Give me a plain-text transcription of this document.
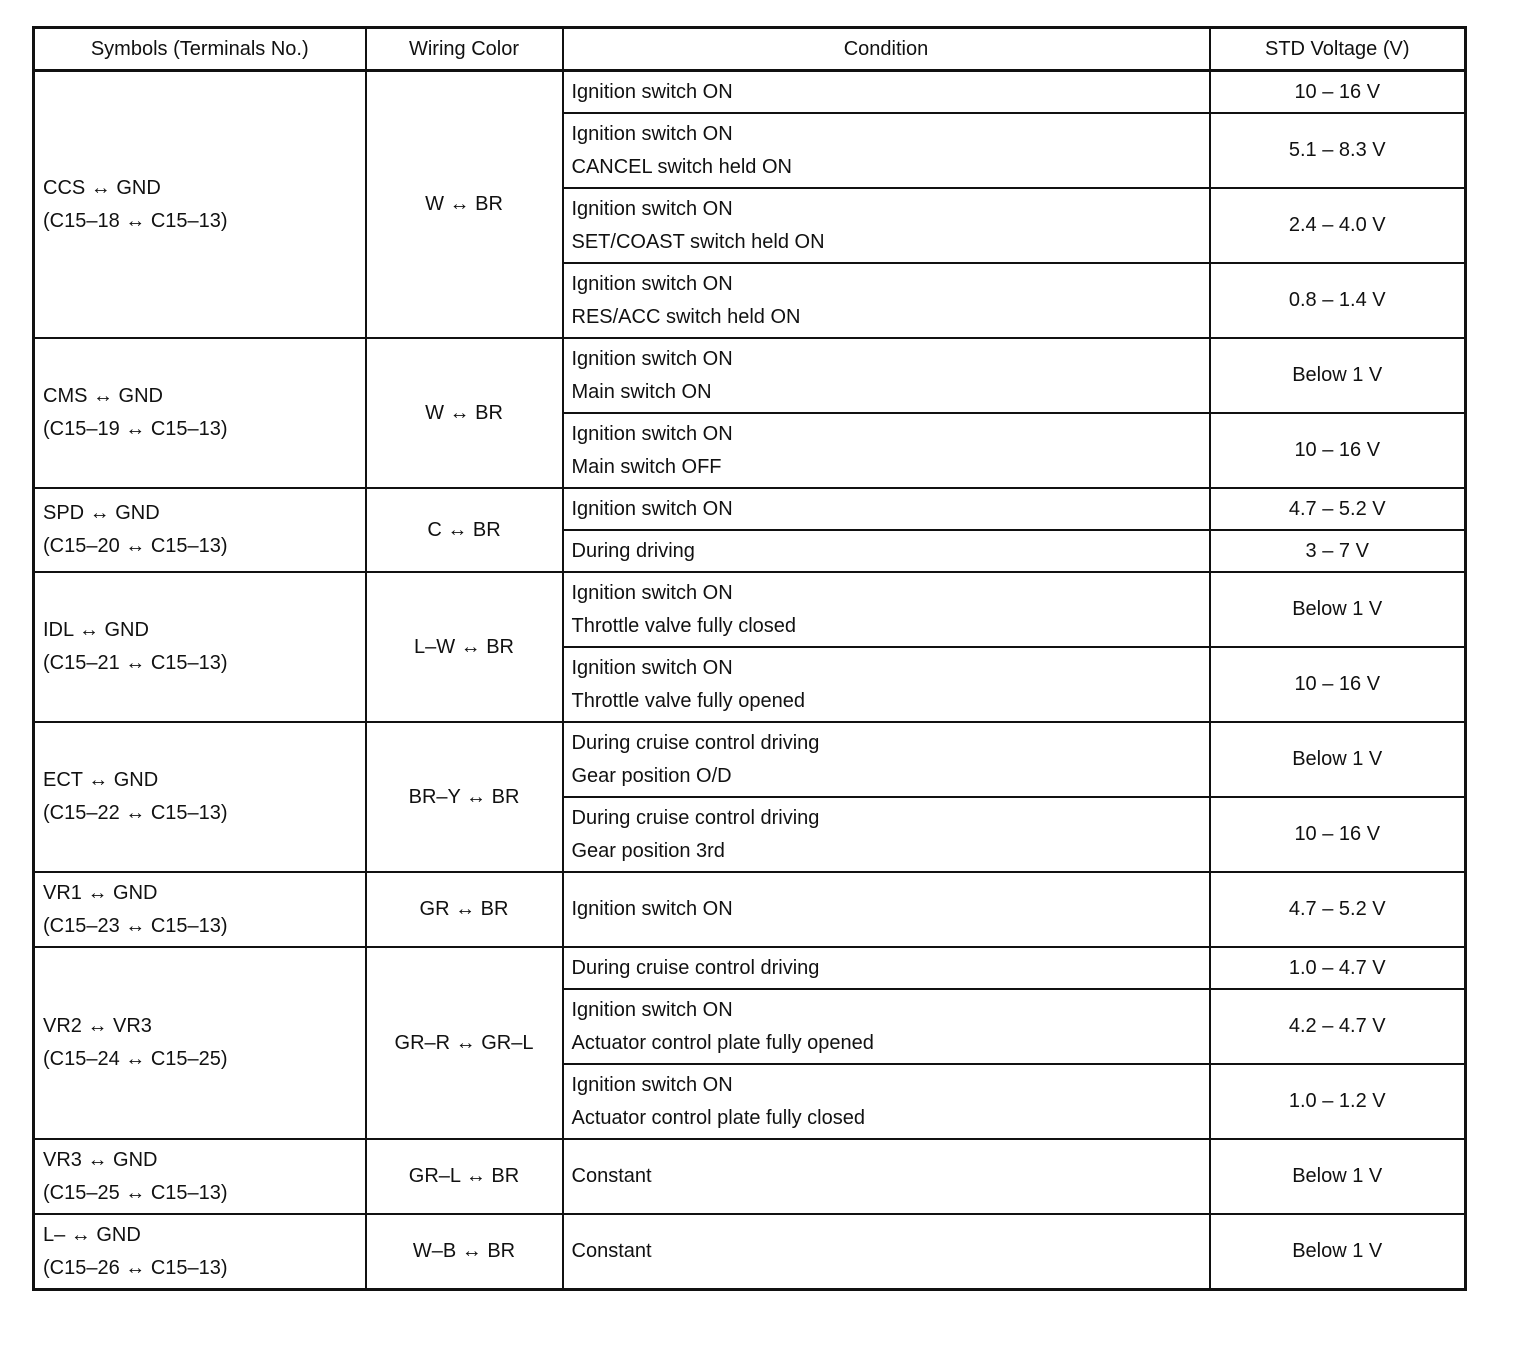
Symbols (Terminals No.)	Wiring Color	Condition	STD Voltage (V)

CCS ↔ GND
(C15–18 ↔ C15–13)	W ↔ BR	Ignition switch ON	10 – 16 V

		Ignition switch ON
CANCEL switch held ON	5.1 – 8.3 V

		Ignition switch ON
SET/COAST switch held ON	2.4 – 4.0 V

		Ignition switch ON
RES/ACC switch held ON	0.8 – 1.4 V

CMS ↔ GND
(C15–19 ↔ C15–13)	W ↔ BR	Ignition switch ON
Main switch ON	Below 1 V

		Ignition switch ON
Main switch OFF	10 – 16 V

SPD ↔ GND
(C15–20 ↔ C15–13)	C ↔ BR	Ignition switch ON	4.7 – 5.2 V

		During driving	3 – 7 V

IDL ↔ GND
(C15–21 ↔ C15–13)	L–W ↔ BR	Ignition switch ON
Throttle valve fully closed	Below 1 V

		Ignition switch ON
Throttle valve fully opened	10 – 16 V

ECT ↔ GND
(C15–22 ↔ C15–13)	BR–Y ↔ BR	During cruise control driving
Gear position O/D	Below 1 V

		During cruise control driving
Gear position 3rd	10 – 16 V

VR1 ↔ GND
(C15–23 ↔ C15–13)	GR ↔ BR	Ignition switch ON	4.7 – 5.2 V

VR2 ↔ VR3
(C15–24 ↔ C15–25)	GR–R ↔ GR–L	During cruise control driving	1.0 – 4.7 V

		Ignition switch ON
Actuator control plate fully opened	4.2 – 4.7 V

		Ignition switch ON
Actuator control plate fully closed	1.0 – 1.2 V

VR3 ↔ GND
(C15–25 ↔ C15–13)	GR–L ↔ BR	Constant	Below 1 V

L– ↔ GND
(C15–26 ↔ C15–13)	W–B ↔ BR	Constant	Below 1 V
